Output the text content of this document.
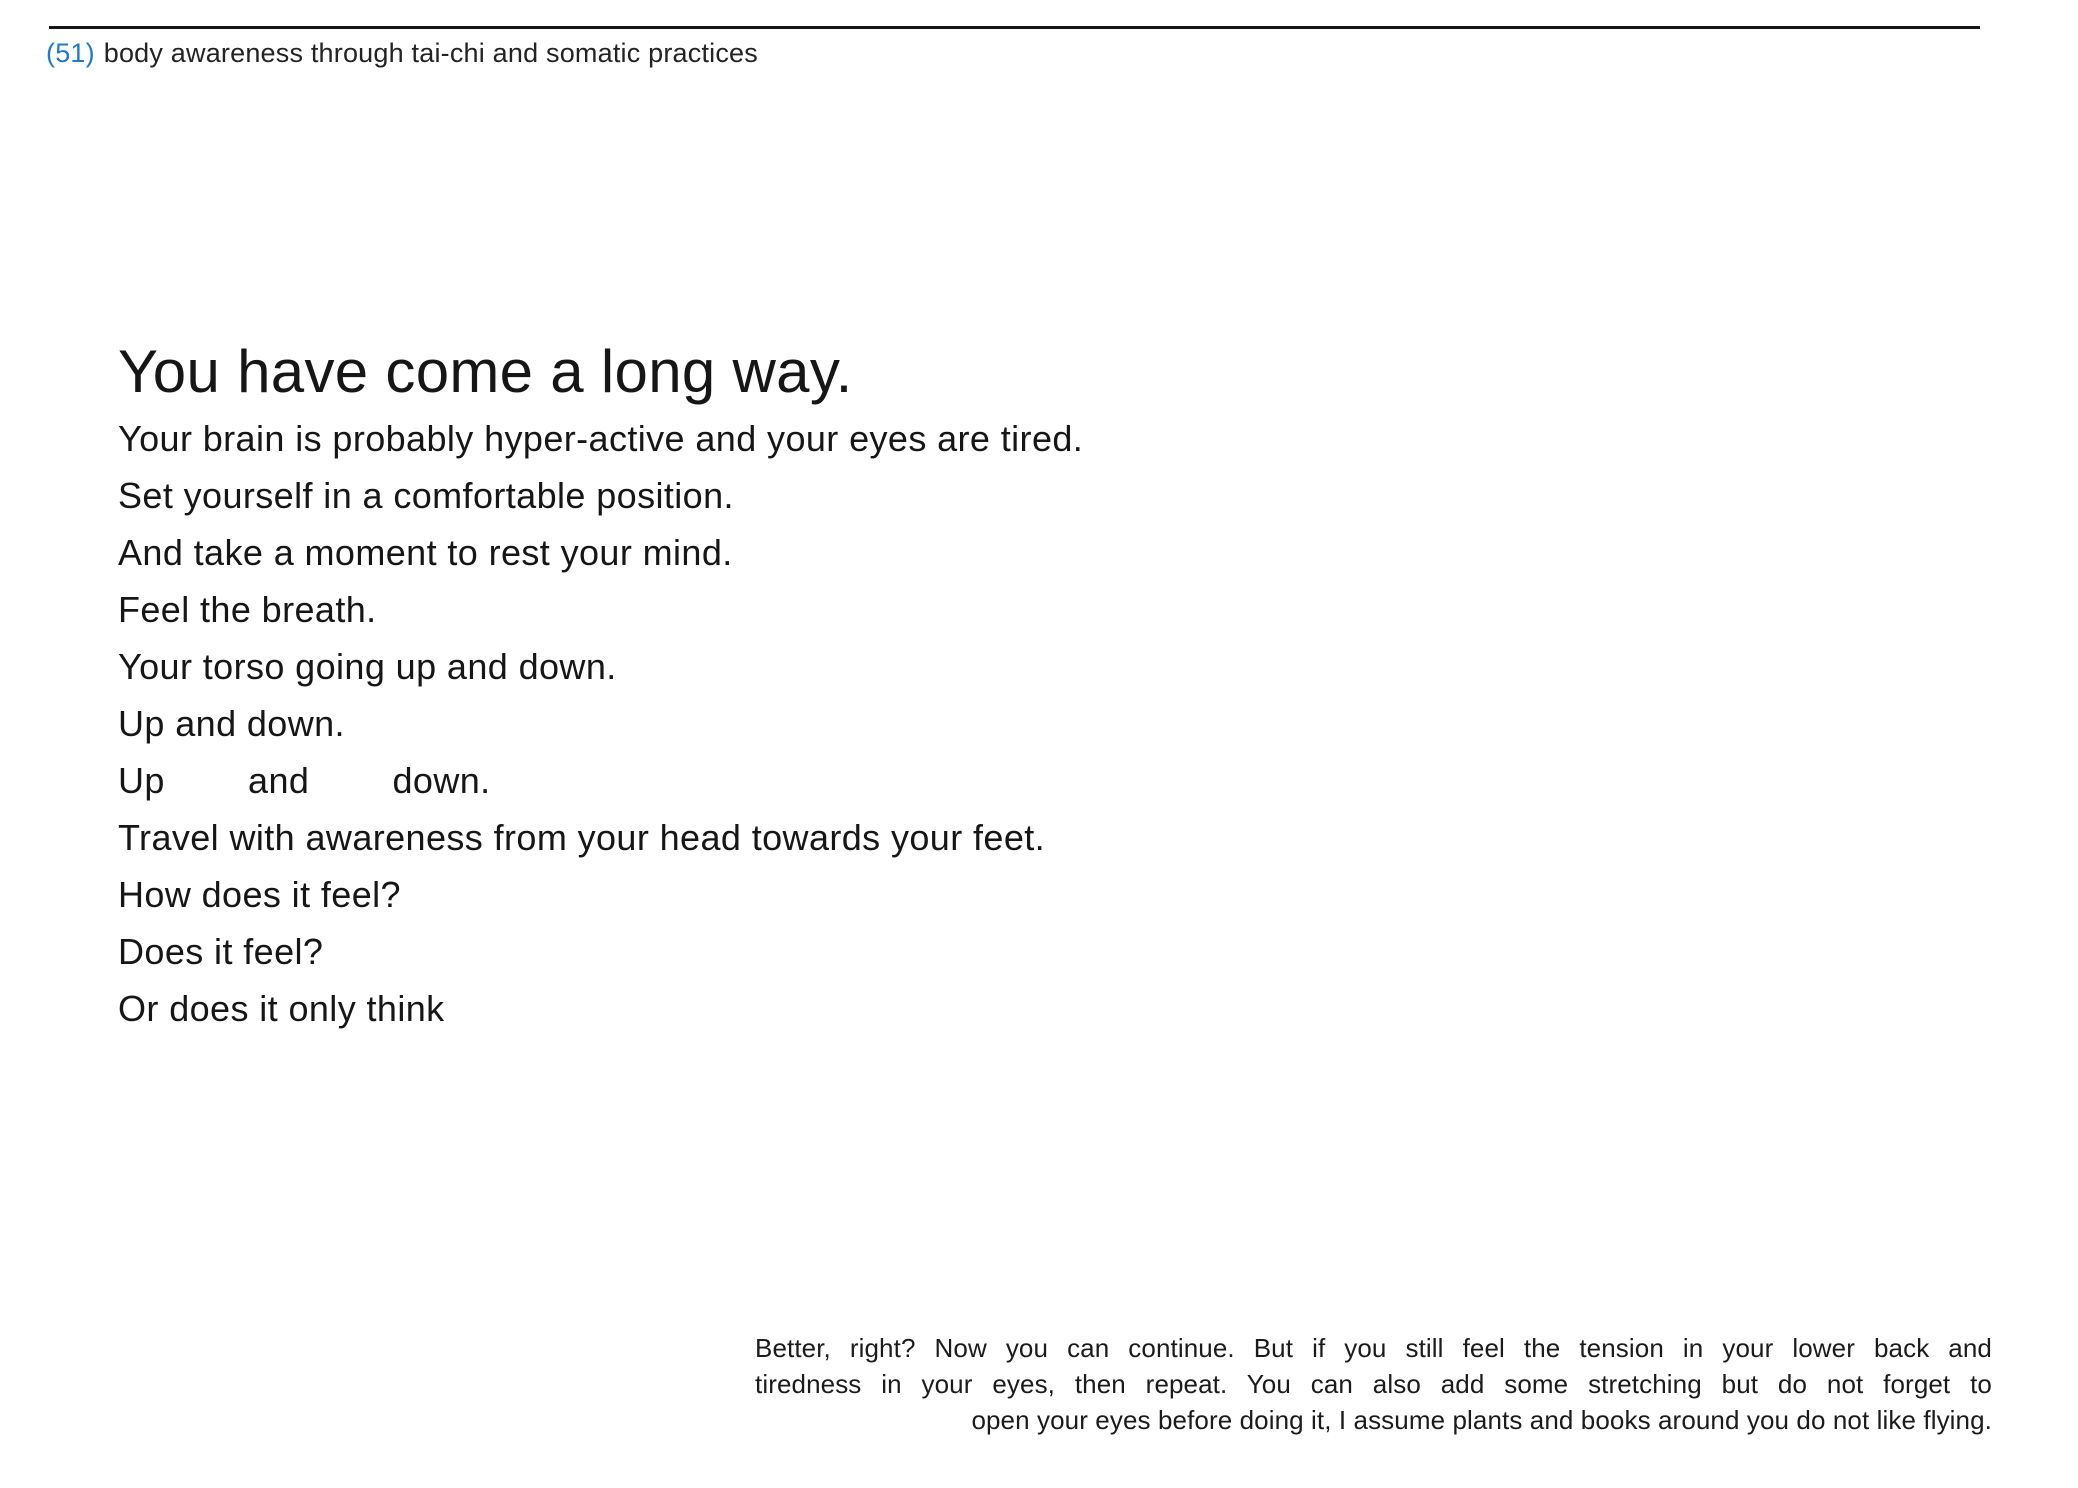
(51) body awareness through tai-chi and somatic practices
You have come a long way.
Your brain is probably hyper-active and your eyes are tired.
Set yourself in a comfortable position.
And take a moment to rest your mind.
Feel the breath.
Your torso going up and down.
Up and down.
Up        and        down.
Travel with awareness from your head towards your feet.
How does it feel?
Does it feel?
Or does it only think
Better, right? Now you can continue. But if you still feel the tension in your lower back and
tiredness in your eyes, then repeat. You can also add some stretching but do not forget to
open your eyes before doing it, I assume plants and books around you do not like flying.
